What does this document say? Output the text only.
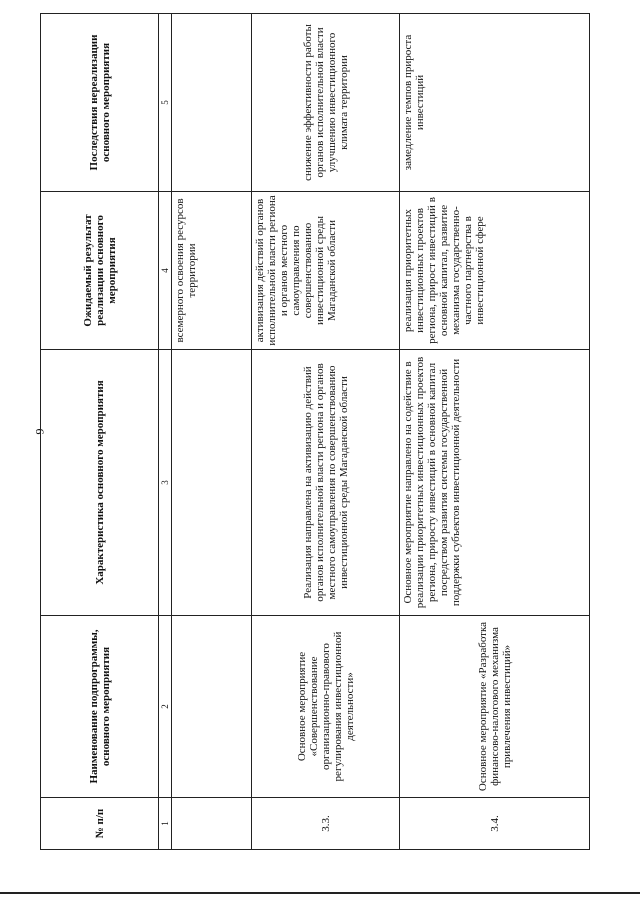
9
№ п/п	Наименование подпрограммы, основного мероприятия	Характеристика основного мероприятия	Ожидаемый результат реализации основного мероприятия	Последствия нереализации основного мероприятия
1	2	3	4	5
			всемерного освоения ресурсов территории	
3.3.	Основное мероприятие «Совершенствование организационно-правового регулирования инвестиционной деятельности»	Реализация направлена на активизацию действий органов исполнительной власти региона и органов местного самоуправления по совершенствованию инвестиционной среды Магаданской области	активизация действий органов исполнительной власти региона и органов местного самоуправления по совершенствованию инвестиционной среды Магаданской области	снижение эффективности работы органов исполнительной власти улучшению инвестиционного климата территории
3.4.	Основное мероприятие «Разработка финансово-налогового механизма привлечения инвестиций»	Основное мероприятие направлено на содействие в реализации приоритетных инвестиционных проектов региона, приросту инвестиций в основной капитал посредством развития системы государственной поддержки субъектов инвестиционной деятельности	реализация приоритетных инвестиционных проектов региона, прирост инвестиций в основной капитал, развитие механизма государственно-частного партнерства в инвестиционной сфере	замедление темпов прироста инвестиций
